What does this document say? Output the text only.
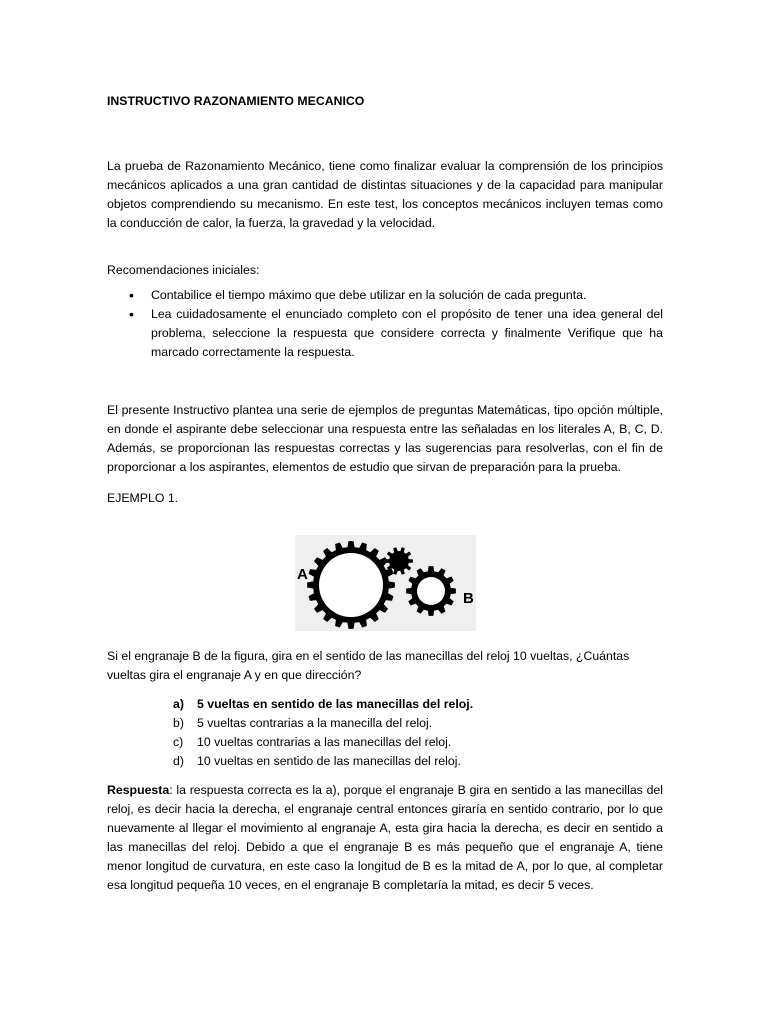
INSTRUCTIVO RAZONAMIENTO MECANICO

La prueba de Razonamiento Mecánico, tiene como finalizar evaluar la comprensión de los principios mecánicos aplicados a una gran cantidad de distintas situaciones y de la capacidad para manipular objetos comprendiendo su mecanismo. En este test, los conceptos mecánicos incluyen temas como la conducción de calor, la fuerza, la gravedad y la velocidad.

Recomendaciones iniciales:

• Contabilice el tiempo máximo que debe utilizar en la solución de cada pregunta.
• Lea cuidadosamente el enunciado completo con el propósito de tener una idea general del problema, seleccione la respuesta que considere correcta y finalmente Verifique que ha marcado correctamente la respuesta.

El presente Instructivo plantea una serie de ejemplos de preguntas Matemáticas, tipo opción múltiple, en donde el aspirante debe seleccionar una respuesta entre las señaladas en los literales A, B, C, D. Además, se proporcionan las respuestas correctas y las sugerencias para resolverlas, con el fin de proporcionar a los aspirantes, elementos de estudio que sirvan de preparación para la prueba.

EJEMPLO 1.

A
B

Si el engranaje B de la figura, gira en el sentido de las manecillas del reloj 10 vueltas, ¿Cuántas vueltas gira el engranaje A y en que dirección?

a) 5 vueltas en sentido de las manecillas del reloj.
b) 5 vueltas contrarias a la manecilla del reloj.
c) 10 vueltas contrarias a las manecillas del reloj.
d) 10 vueltas en sentido de las manecillas del reloj.

Respuesta: la respuesta correcta es la a), porque el engranaje B gira en sentido a las manecillas del reloj, es decir hacia la derecha, el engranaje central entonces giraría en sentido contrario, por lo que nuevamente al llegar el movimiento al engranaje A, esta gira hacia la derecha, es decir en sentido a las manecillas del reloj. Debido a que el engranaje B es más pequeño que el engranaje A, tiene menor longitud de curvatura, en este caso la longitud de B es la mitad de A, por lo que, al completar esa longitud pequeña 10 veces, en el engranaje B completaría la mitad, es decir 5 veces.
